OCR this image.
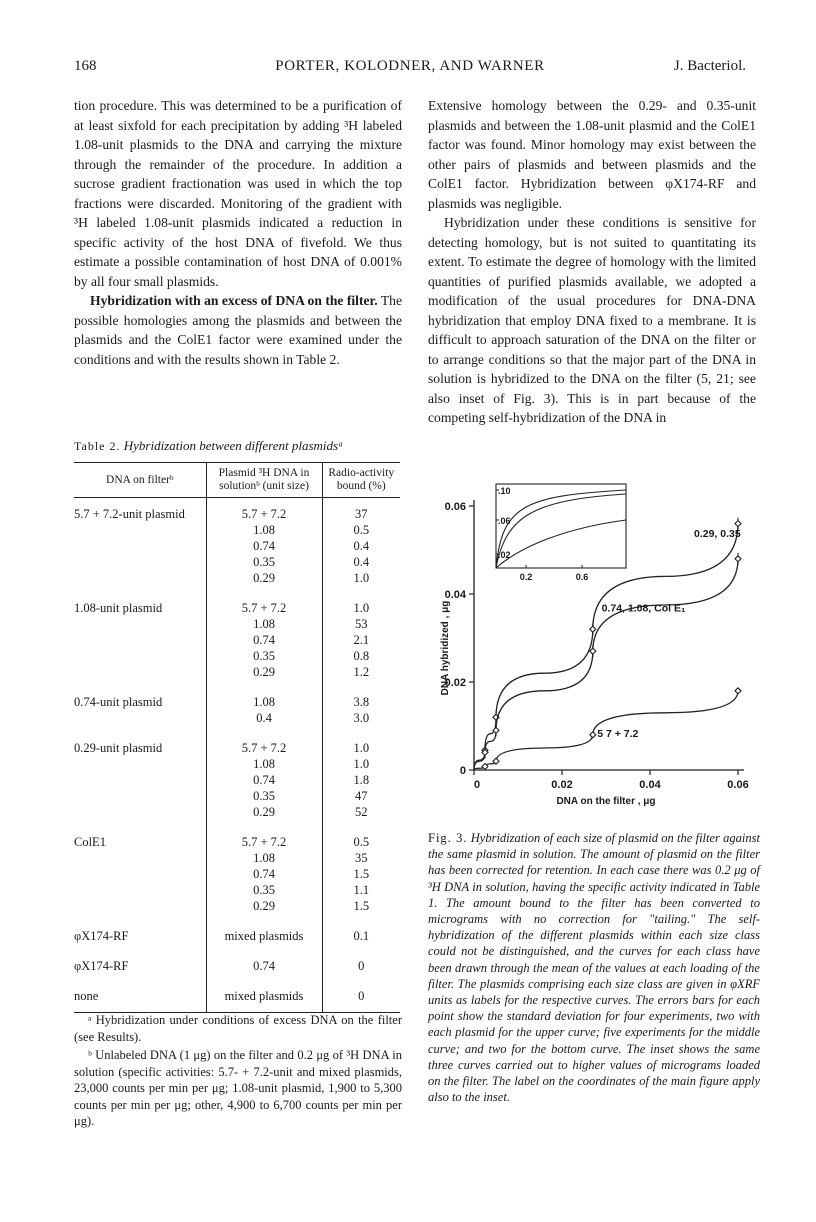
168	PORTER, KOLODNER, AND WARNER	J. Bacteriol.

tion procedure. This was determined to be a purification of at least sixfold for each precipitation by adding ³H labeled 1.08-unit plasmids to the DNA and carrying the mixture through the remainder of the procedure. In addition a sucrose gradient fractionation was used in which the top fractions were discarded. Monitoring of the gradient with ³H labeled 1.08-unit plasmids indicated a reduction in specific activity of the host DNA of fivefold. We thus estimate a possible contamination of host DNA of 0.001% by all four small plasmids.

Hybridization with an excess of DNA on the filter. The possible homologies among the plasmids and between the plasmids and the ColE1 factor were examined under the conditions and with the results shown in Table 2.

Table 2. Hybridization between different plasmidsᵃ
DNA on filterᵇ	Plasmid ³H DNA in solutionᵇ (unit size)	Radio-activity bound (%)
5.7 + 7.2-unit plasmid	5.7 + 7.2	37
	1.08	0.5
	0.74	0.4
	0.35	0.4
	0.29	1.0
1.08-unit plasmid	5.7 + 7.2	1.0
	1.08	53
	0.74	2.1
	0.35	0.8
	0.29	1.2
0.74-unit plasmid	1.08	3.8
	0.4	3.0
0.29-unit plasmid	5.7 + 7.2	1.0
	1.08	1.0
	0.74	1.8
	0.35	47
	0.29	52
ColE1	5.7 + 7.2	0.5
	1.08	35
	0.74	1.5
	0.35	1.1
	0.29	1.5
φX174-RF	mixed plasmids	0.1
φX174-RF	0.74	0
none	mixed plasmids	0

ᵃ Hybridization under conditions of excess DNA on the filter (see Results).

ᵇ Unlabeled DNA (1 μg) on the filter and 0.2 μg of ³H DNA in solution (specific activities: 5.7- + 7.2-unit and mixed plasmids, 23,000 counts per min per μg; 1.08-unit plasmid, 1,900 to 5,300 counts per min per μg; other, 4,900 to 6,700 counts per min per μg).

Extensive homology between the 0.29- and 0.35-unit plasmids and between the 1.08-unit plasmid and the ColE1 factor was found. Minor homology may exist between the other pairs of plasmids and between plasmids and the ColE1 factor. Hybridization between φX174-RF and plasmids was negligible.

Hybridization under these conditions is sensitive for detecting homology, but is not suited to quantitating its extent. To estimate the degree of homology with the limited quantities of purified plasmids available, we adopted a modification of the usual procedures for DNA-DNA hybridization that employ DNA fixed to a membrane. It is difficult to approach saturation of the DNA on the filter or to arrange conditions so that the major part of the DNA in solution is hybridized to the DNA on the filter (5, 21; see also inset of Fig. 3). This is in part because of the competing self-hybridization of the DNA in

0
0
0.02
0.02
0.04
0.04
0.06
0.06
DNA on the filter , μg
DNA hybridized , μg
0.29, 0.35
0.74, 1.08, Col E₁
5 7 + 7.2
0.2	0.6
.02
.06
.10
Fig. 3. Hybridization of each size of plasmid on the filter against the same plasmid in solution. The amount of plasmid on the filter has been corrected for retention. In each case there was 0.2 μg of ³H DNA in solution, having the specific activity indicated in Table 1. The amount bound to the filter has been converted to micrograms with no correction for "tailing." The self-hybridization of the different plasmids within each size class could not be distinguished, and the curves for each class have been drawn through the mean of the values at each loading of the filter. The plasmids comprising each size class are given in φXRF units as labels for the respective curves. The errors bars for each point show the standard deviation for four experiments, two with each plasmid for the upper curve; five experiments for the middle curve; and two for the bottom curve. The inset shows the same three curves carried out to higher values of micrograms loaded on the filter. The label on the coordinates of the main figure apply also to the inset.
